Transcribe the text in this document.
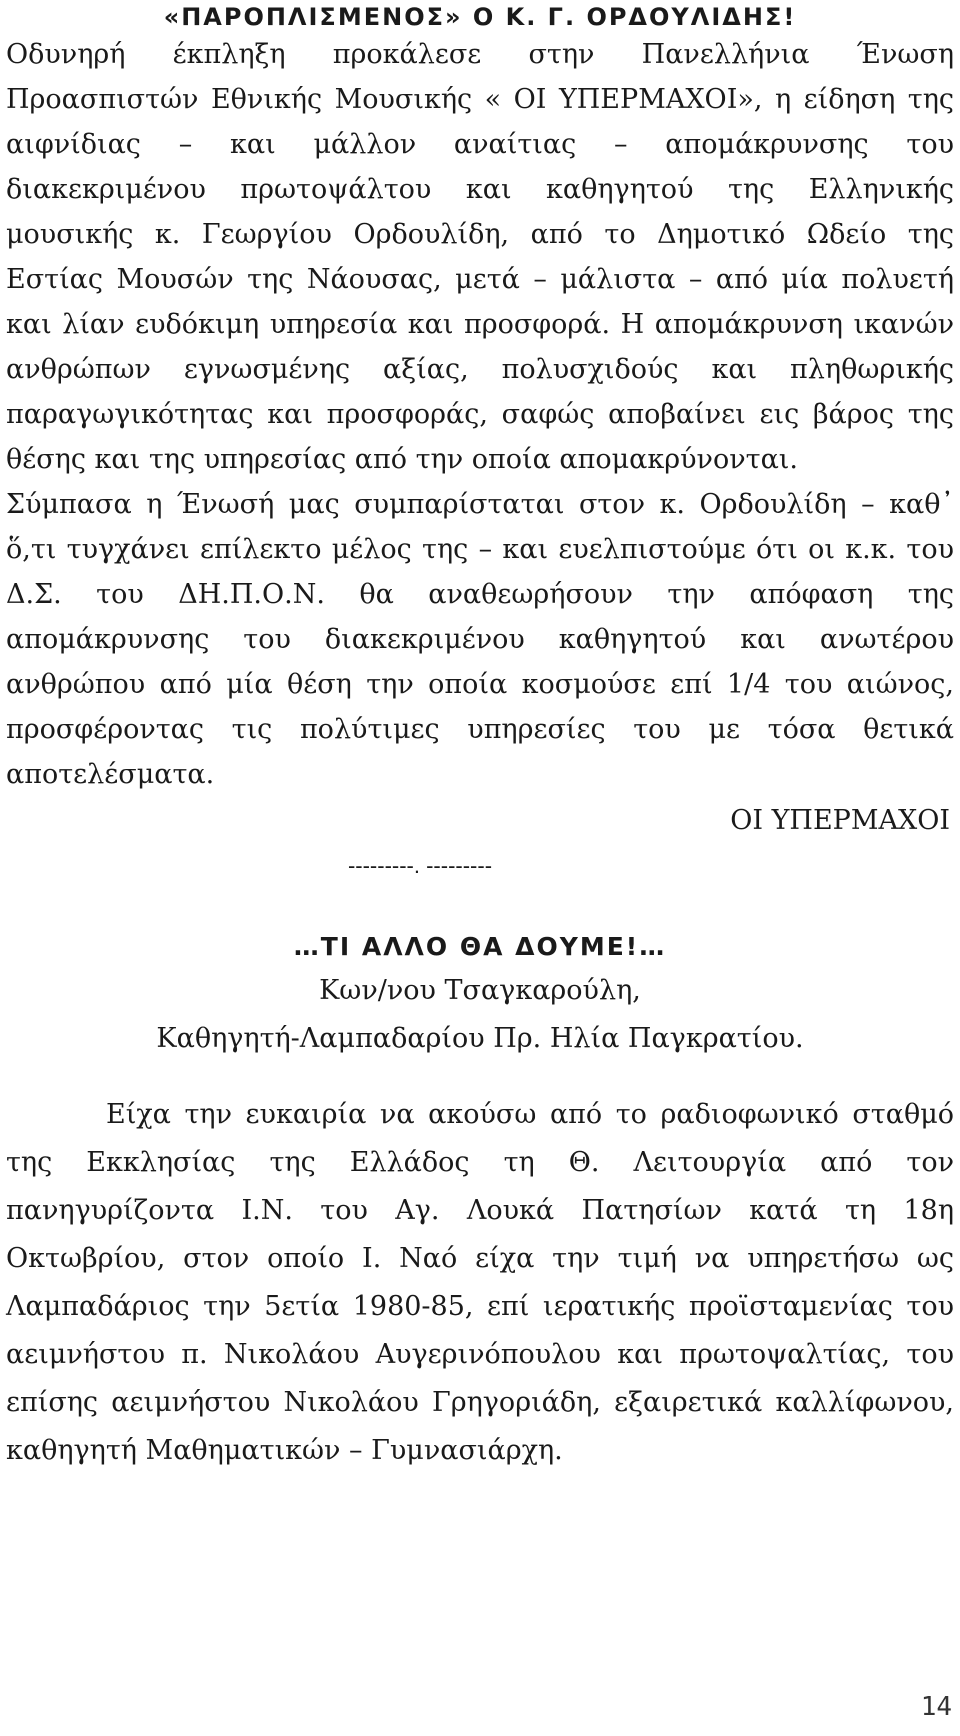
«ΠΑΡΟΠΛΙΣΜΕΝΟΣ» Ο Κ. Γ. ΟΡΔΟΥΛΙΔΗΣ!

Οδυνηρή έκπληξη προκάλεσε στην Πανελλήνια Ένωση Προασπιστών Εθνικής Μουσικής « ΟΙ ΥΠΕΡΜΑΧΟΙ», η είδηση της αιφνίδιας – και μάλλον αναίτιας – απομάκρυνσης του διακεκριμένου πρωτοψάλτου και καθηγητού της Ελληνικής μουσικής κ. Γεωργίου Ορδουλίδη, από το Δημοτικό Ωδείο της Εστίας Μουσών της Νάουσας, μετά – μάλιστα – από μία πολυετή και λίαν ευδόκιμη υπηρεσία και προσφορά. Η απομάκρυνση ικανών ανθρώπων εγνωσμένης αξίας, πολυσχιδούς και πληθωρικής παραγωγικότητας και προσφοράς, σαφώς αποβαίνει εις βάρος της θέσης και της υπηρεσίας από την οποία απομακρύνονται.

Σύμπασα η Ένωσή μας συμπαρίσταται στον κ. Ορδουλίδη – καθ᾽ ὅ,τι τυγχάνει επίλεκτο μέλος της – και ευελπιστούμε ότι οι κ.κ. του Δ.Σ. του ΔΗ.Π.Ο.Ν. θα αναθεωρήσουν την απόφαση της απομάκρυνσης του διακεκριμένου καθηγητού και ανωτέρου ανθρώπου από μία θέση την οποία κοσμούσε επί 1/4 του αιώνος, προσφέροντας τις πολύτιμες υπηρεσίες του με τόσα θετικά αποτελέσματα.

ΟΙ ΥΠΕΡΜΑΧΟΙ

---------. ---------

…ΤΙ ΑΛΛΟ ΘΑ ΔΟΥΜΕ!…

Κων/νου Τσαγκαρούλη,

Καθηγητή-Λαμπαδαρίου Πρ. Ηλία Παγκρατίου.

Είχα την ευκαιρία να ακούσω από το ραδιοφωνικό σταθμό της Εκκλησίας της Ελλάδος τη Θ. Λειτουργία από τον πανηγυρίζοντα Ι.Ν. του Αγ. Λουκά Πατησίων κατά τη 18η Οκτωβρίου, στον οποίο Ι. Ναό είχα την τιμή να υπηρετήσω ως Λαμπαδάριος την 5ετία 1980-85, επί ιερατικής προϊσταμενίας του αειμνήστου π. Νικολάου Αυγερινόπουλου και πρωτοψαλτίας, του επίσης αειμνήστου Νικολάου Γρηγοριάδη, εξαιρετικά καλλίφωνου, καθηγητή Μαθηματικών – Γυμνασιάρχη.

14
